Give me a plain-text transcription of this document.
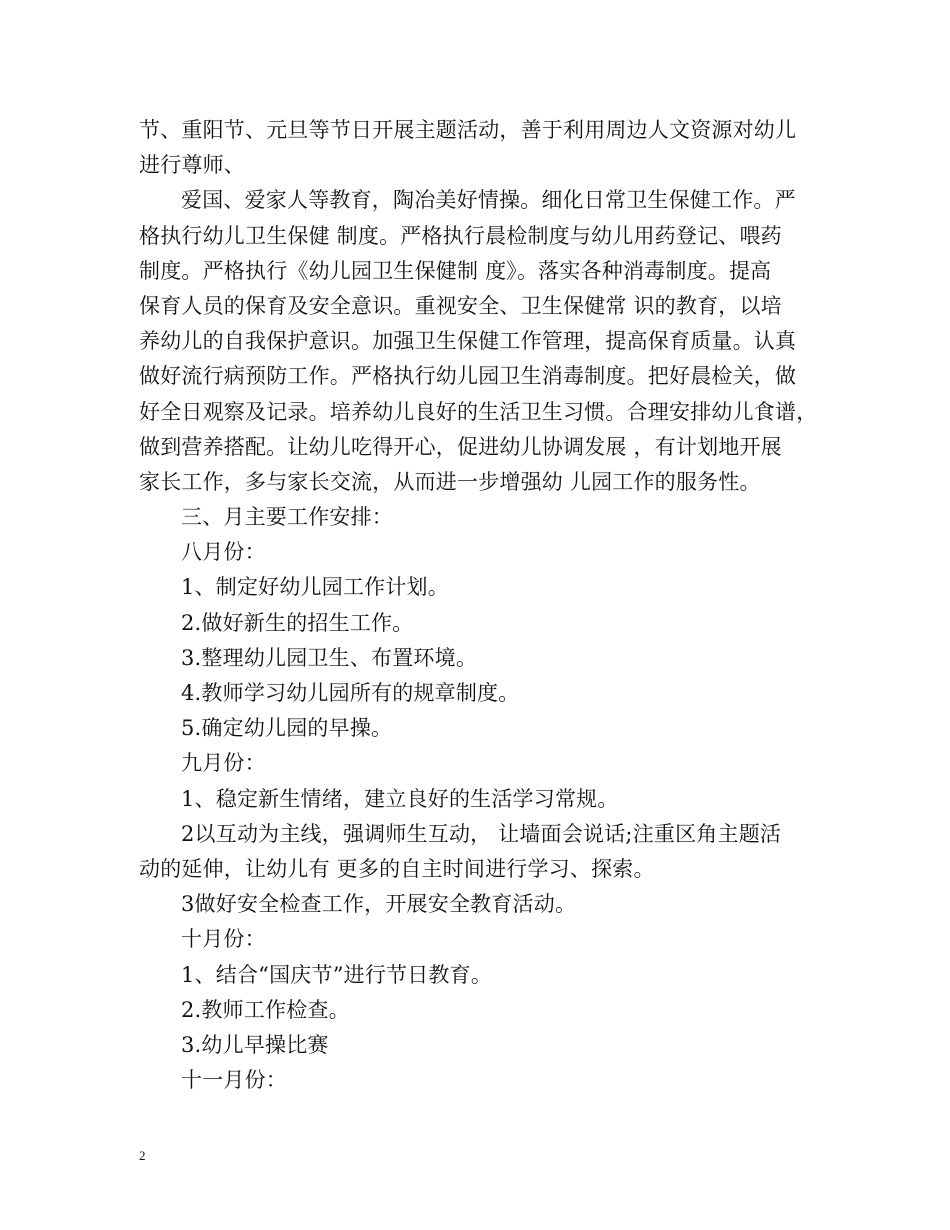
节、重阳节、元旦等节日开展主题活动，善于利用周边人文资源对幼儿
进行尊师、
爱国、爱家人等教育，陶冶美好情操。细化日常卫生保健工作。严
格执行幼儿卫生保健 制度。严格执行晨检制度与幼儿用药登记、喂药
制度。严格执行《幼儿园卫生保健制 度》。落实各种消毒制度。提高
保育人员的保育及安全意识。重视安全、卫生保健常 识的教育，以培
养幼儿的自我保护意识。加强卫生保健工作管理，提高保育质量。认真
做好流行病预防工作。严格执行幼儿园卫生消毒制度。把好晨检关，做
好全日观察及记录。培养幼儿良好的生活卫生习惯。合理安排幼儿食谱，
做到营养搭配。让幼儿吃得开心，促进幼儿协调发展 ，有计划地开展
家长工作，多与家长交流，从而进一步增强幼 儿园工作的服务性。
三、月主要工作安排：
八月份：
1、制定好幼儿园工作计划。
2.做好新生的招生工作。
3.整理幼儿园卫生、布置环境。
4.教师学习幼儿园所有的规章制度。
5.确定幼儿园的早操。
九月份：
1、稳定新生情绪，建立良好的生活学习常规。
2以互动为主线，强调师生互动， 让墙面会说话;注重区角主题活
动的延伸，让幼儿有 更多的自主时间进行学习、探索。
3做好安全检查工作，开展安全教育活动。
十月份：
1、结合“国庆节”进行节日教育。
2.教师工作检查。
3.幼儿早操比赛
十一月份：
2
